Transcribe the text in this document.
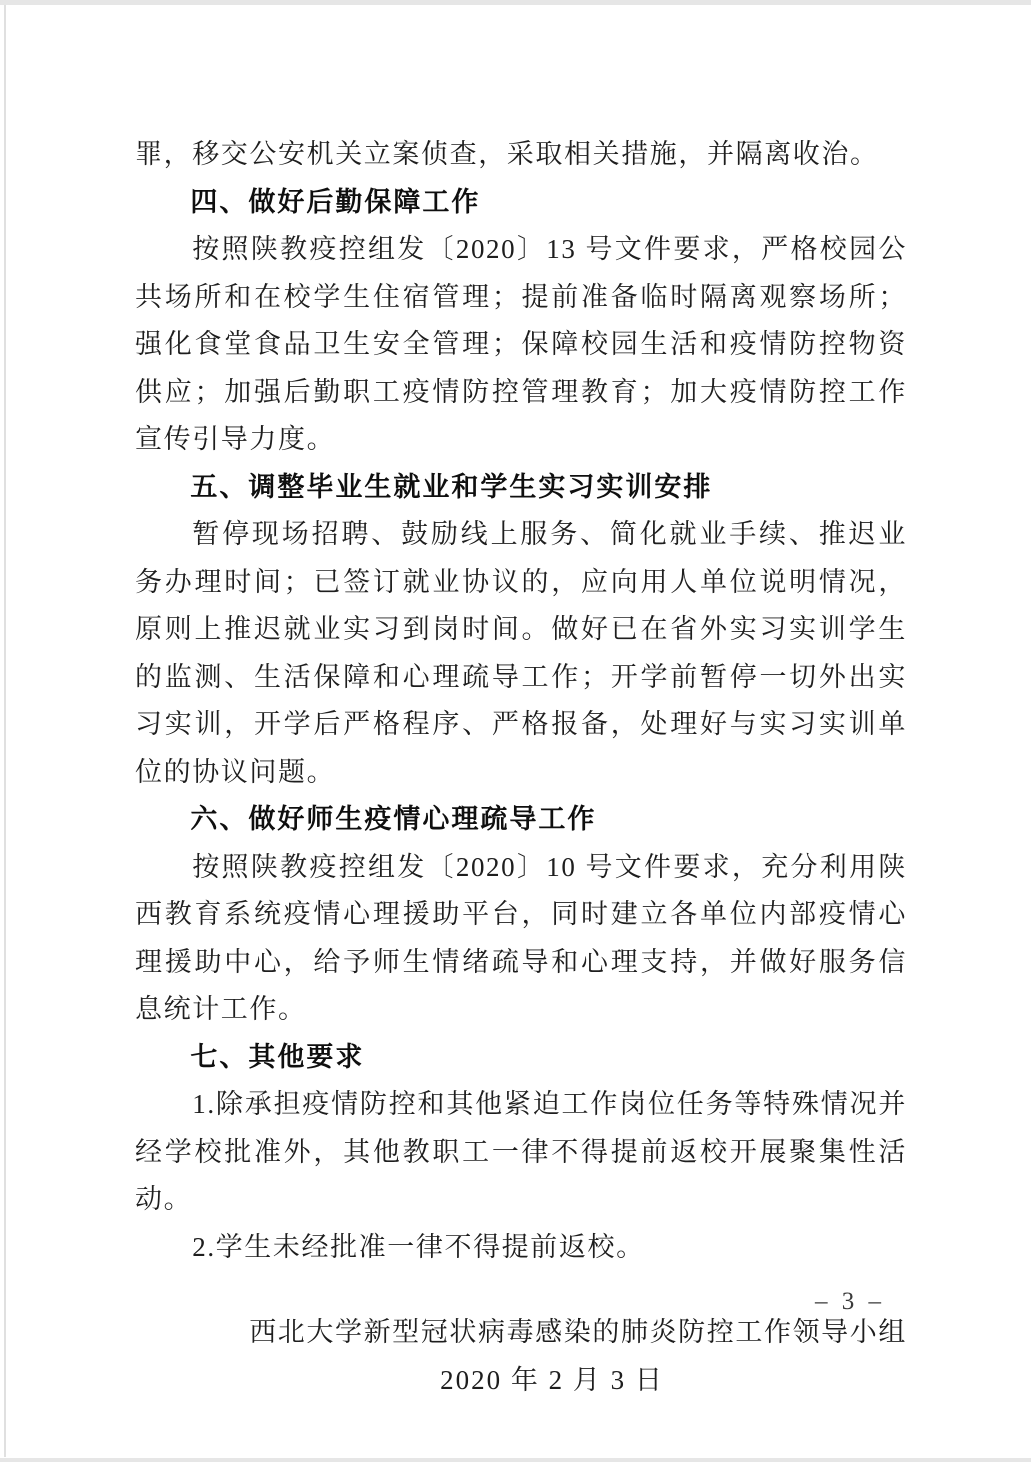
罪，移交公安机关立案侦查，采取相关措施，并隔离收治。

四、做好后勤保障工作

按照陕教疫控组发〔2020〕13 号文件要求，严格校园公共场所和在校学生住宿管理；提前准备临时隔离观察场所；强化食堂食品卫生安全管理；保障校园生活和疫情防控物资供应；加强后勤职工疫情防控管理教育；加大疫情防控工作宣传引导力度。

五、调整毕业生就业和学生实习实训安排

暂停现场招聘、鼓励线上服务、简化就业手续、推迟业务办理时间；已签订就业协议的，应向用人单位说明情况，原则上推迟就业实习到岗时间。做好已在省外实习实训学生的监测、生活保障和心理疏导工作；开学前暂停一切外出实习实训，开学后严格程序、严格报备，处理好与实习实训单位的协议问题。

六、做好师生疫情心理疏导工作

按照陕教疫控组发〔2020〕10 号文件要求，充分利用陕西教育系统疫情心理援助平台，同时建立各单位内部疫情心理援助中心，给予师生情绪疏导和心理支持，并做好服务信息统计工作。

七、其他要求

1.除承担疫情防控和其他紧迫工作岗位任务等特殊情况并经学校批准外，其他教职工一律不得提前返校开展聚集性活动。

2.学生未经批准一律不得提前返校。

西北大学新型冠状病毒感染的肺炎防控工作领导小组
2020 年 2 月 3 日
– 3 –
